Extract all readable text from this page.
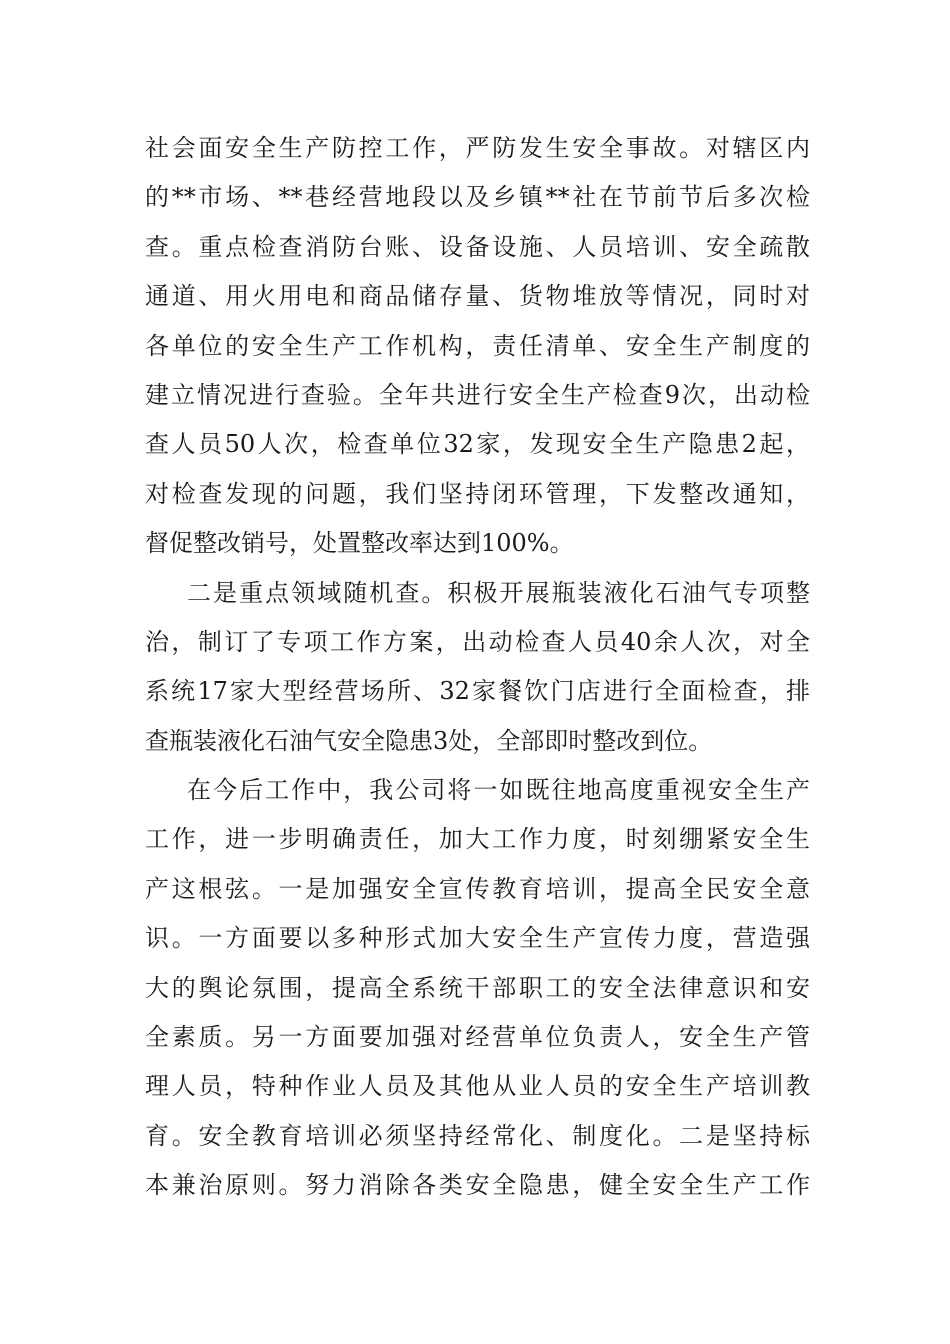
社会面安全生产防控工作，严防发生安全事故。对辖区内
的**市场、**巷经营地段以及乡镇**社在节前节后多次检
查。重点检查消防台账、设备设施、人员培训、安全疏散
通道、用火用电和商品储存量、货物堆放等情况，同时对
各单位的安全生产工作机构，责任清单、安全生产制度的
建立情况进行查验。全年共进行安全生产检查9次，出动检
查人员50人次，检查单位32家，发现安全生产隐患2起，
对检查发现的问题，我们坚持闭环管理，下发整改通知，
督促整改销号，处置整改率达到100%。
二是重点领域随机查。积极开展瓶装液化石油气专项整
治，制订了专项工作方案，出动检查人员40余人次，对全
系统17家大型经营场所、32家餐饮门店进行全面检查，排
查瓶装液化石油气安全隐患3处，全部即时整改到位。
在今后工作中，我公司将一如既往地高度重视安全生产
工作，进一步明确责任，加大工作力度，时刻绷紧安全生
产这根弦。一是加强安全宣传教育培训，提高全民安全意
识。一方面要以多种形式加大安全生产宣传力度，营造强
大的舆论氛围，提高全系统干部职工的安全法律意识和安
全素质。另一方面要加强对经营单位负责人，安全生产管
理人员，特种作业人员及其他从业人员的安全生产培训教
育。安全教育培训必须坚持经常化、制度化。二是坚持标
本兼治原则。努力消除各类安全隐患，健全安全生产工作
